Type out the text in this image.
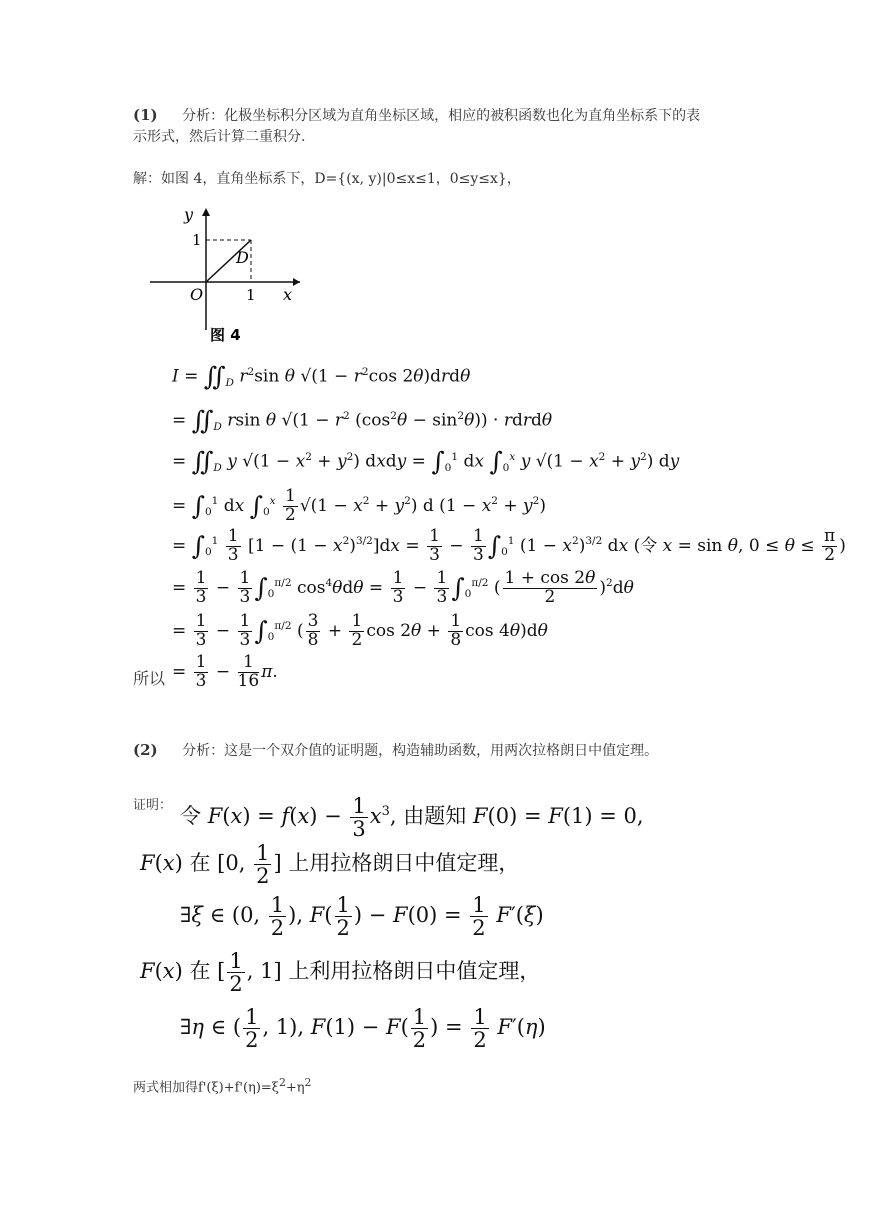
(1) 分析：化极坐标积分区域为直角坐标区域，相应的被积函数也化为直角坐标系下的表
示形式，然后计算二重积分.
解：如图 4，直角坐标系下，D={(x, y)|0≤x≤1，0≤y≤x}，
y
1
D
O	1 x
图 4
$I = ∬_D$ $r^2\sin$ θ $√(1 - r^2\cos$ 2θ)drdθ
= $∬_D$ rsin θ $√(1 - r^2$ $(\cos^2\theta - \sin^2\theta)$) · rdrdθ
= $∬_D$ y $√(1 - x^2 + y^2)$ dxdy = $\int_0^1$ dx $\int_0^x$ y $√(1 - x^2 + y^2)$ dy
= $\int_0^1$ dx $\int_0^x \frac{1}{2} √(1 - x^2 + y^2)$ d $(1 - x^2 + y^2)$
= $\int_0^1 \frac{1}{3} [1 - (1 - x^2)^{3/2}]dx = \frac{1}{3} - \frac{1}{3} \int_0^1$ $(1 - x^2)^{3/2}$ dx (令 x = sin θ, $0 \le \theta \le \frac{\pi}{2}$ )
= $\frac{1}{3} - \frac{1}{3} \int_0^{\pi/2}$ $\cos^4\theta d\theta = \frac{1}{3} - \frac{1}{3} \int_0^{\pi/2}$ ( $\frac{1 + \cos 2\theta}{2} )^2d\theta$
= $\frac{1}{3} - \frac{1}{3} \int_0^{\pi/2}$ ( $\frac{3}{8} + \frac{1}{2}$ $\cos 2\theta + \frac{1}{8}$ cos 4θ)dθ
所以 = $\frac{1}{3} - \frac{1}{16} \pi$.
(2) 分析：这是一个双介值的证明题，构造辅助函数，用两次拉格朗日中值定理。
证明： 令 $F(x) = f(x) - \frac{1}{3} x^3$, 由题知 F(0) = F(1) = 0,
F(x) 在 [0, $\frac{1}{2}$ ] 上用拉格朗日中值定理，
∃ξ ∈ (0, $\frac{1}{2}$ ), $F( \frac{1}{2}$ ) − $F(0) = \frac{1}{2} F'(\xi)$
F(x) 在 [ $\frac{1}{2}$ , 1] 上利用拉格朗日中值定理，
∃η ∈ ( $\frac{1}{2}$ , 1), $F(1) - F( \frac{1}{2}$ ) = $\frac{1}{2} F'(\eta)$
两式相加得$f'(\xi)+f'(\eta)=\xi^2+\eta^2$
